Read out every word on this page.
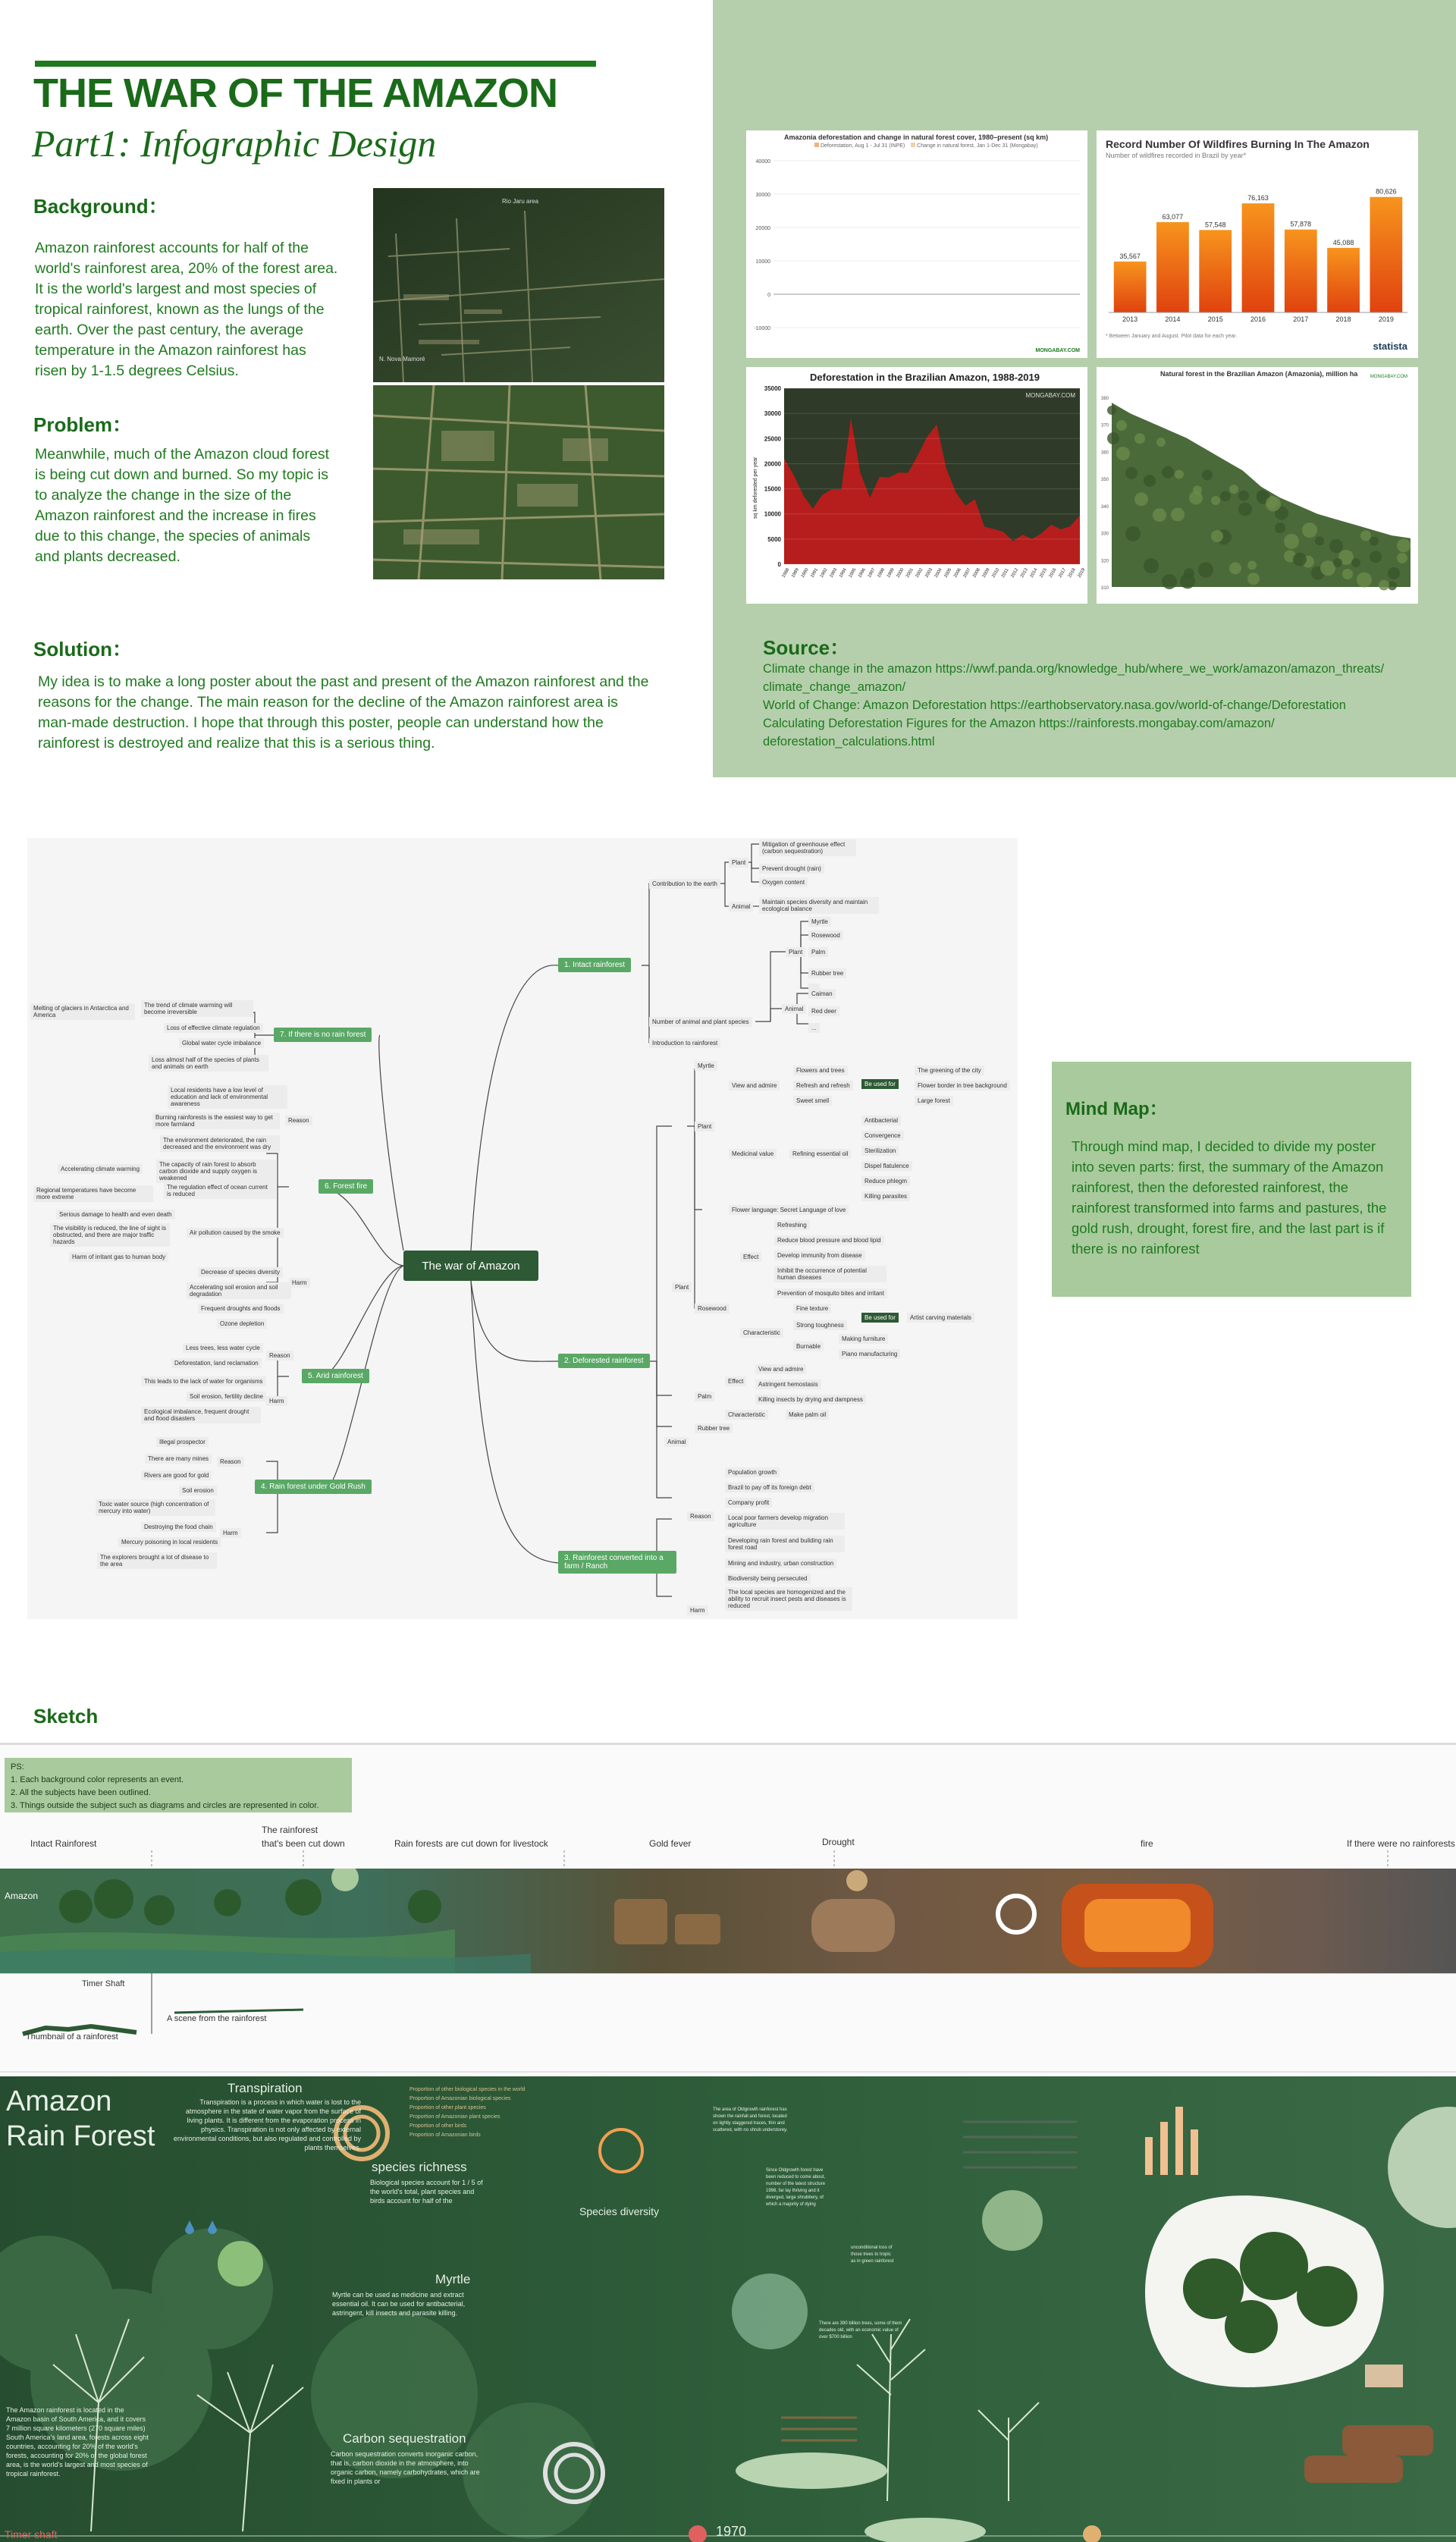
THE WAR OF THE AMAZON
Part1: Infographic Design
Background：
Amazon rainforest accounts for half of the world's rainforest area, 20% of the forest area. It is the world's largest and most species of tropical rainforest, known as the lungs of the earth. Over the past century, the average temperature in the Amazon rainforest has risen by 1-1.5 degrees Celsius.
Problem：
Meanwhile, much of the Amazon cloud forest is being cut down and burned. So my topic is to analyze the change in the size of the Amazon rainforest and the increase in fires due to this change, the species of animals and plants decreased.
Solution：
My idea is to make a long poster about the past and present of the Amazon rainforest and the reasons for the change. The main reason for the decline of the Amazon rainforest area is man-made destruction. I hope that through this poster, people can understand how the rainforest is destroyed and realize that this is a serious thing.
Source：
Climate change in the amazon https://wwf.panda.org/knowledge_hub/where_we_work/amazon/amazon_threats/
climate_change_amazon/
World of Change: Amazon Deforestation https://earthobservatory.nasa.gov/world-of-change/Deforestation
Calculating Deforestation Figures for the Amazon https://rainforests.mongabay.com/amazon/
deforestation_calculations.html
Rio Jaru area
N. Nova Mamoré
Amazonia deforestation and change in natural forest cover, 1980–present (sq km)
Deforestation, Aug 1 - Jul 31 (INPE) Change in natural forest, Jan 1-Dec 31 (Mongabay)
40000
30000
20000
10000
0
-10000
MONGABAY.COM
Record Number Of Wildfires Burning In The Amazon
Number of wildfires recorded in Brazil by year*
35,567
2013
63,077
2014
57,548
2015
76,163
2016
57,878
2017
45,088
2018
80,626
2019
* Between January and August. Pilot data for each year.
statista
Deforestation in the Brazilian Amazon, 1988-2019
35000
30000
25000
20000
15000
10000
5000
0
1988 1989 1990 1991 1992 1993 1994 1995 1996 1997 1998 1999 2000 2001 2002 2003 2004 2005 2006 2007 2008 2009 2010 2011 2012 2013 2014 2015 2016 2017 2018 2019
sq km deforested per year
MONGABAY.COM
Natural forest in the Brazilian Amazon (Amazonia), million ha
380
370
360
350
340
330
320
310
MONGABAY.COM
The war of Amazon
1. Intact rainforest
2. Deforested rainforest
3. Rainforest converted into a farm / Ranch
4. Rain forest under Gold Rush
5. Arid rainforest
6. Forest fire
7. If there is no rain forest
Contribution to the earth
Plant
Animal
Mitigation of greenhouse effect (carbon sequestration)
Prevent drought (rain)
Oxygen content
Maintain species diversity and maintain ecological balance
Number of animal and plant species
Plant
Animal
Myrtle
Rosewood
Palm
Rubber tree
Caiman
Red deer
...
Introduction to rainforest
Plant
Myrtle
View and admire
Flowers and trees
Refresh and refresh
Sweet smell
Be used for
The greening of the city
Flower border in tree background
Large forest
Medicinal value	Refining essential oil
Antibacterial
Convergence
Sterilization
Dispel flatulence
Reduce phlegm
Killing parasites
Flower language: Secret Language of love
Plant
Rosewood
Effect
Refreshing
Reduce blood pressure and blood lipid
Develop immunity from disease
Inhibit the occurrence of potential human diseases
Prevention of mosquito bites and irritant
Characteristic
Fine texture
Strong toughness
Burnable
Be used for	Artist carving materials
Making furniture
Piano manufacturing
Palm
Effect
View and admire
Astringent hemostasis
Killing insects by drying and dampness
Characteristic	Make palm oil
Rubber tree
Animal
Reason
Population growth
Brazil to pay off its foreign debt
Company profit
Local poor farmers develop migration agriculture
Developing rain forest and building rain forest road
Mining and industry, urban construction
Harm
Biodiversity being persecuted
The local species are homogenized and the ability to recruit insect pests and diseases is reduced
Reason
Illegal prospector
There are many mines
Rivers are good for gold
Harm
Soil erosion
Toxic water source (high concentration of mercury into water)
Destroying the food chain
Mercury poisoning in local residents
The explorers brought a lot of disease to the area
Reason
Less trees, less water cycle
Deforestation, land reclamation
Harm
This leads to the lack of water for organisms
Soil erosion, fertility decline
Ecological imbalance, frequent drought and flood disasters
Reason
Local residents have a low level of education and lack of environmental awareness
Burning rainforests is the easiest way to get more farmland
The environment deteriorated, the rain decreased and the environment was dry
The capacity of rain forest to absorb carbon dioxide and supply oxygen is weakened
Accelerating climate warming
The regulation effect of ocean current is reduced
Regional temperatures have become more extreme
Air pollution caused by the smoke
Serious damage to health and even death
The visibility is reduced, the line of sight is obstructed, and there are major traffic hazards
Harm of irritant gas to human body
Harm
Decrease of species diversity
Accelerating soil erosion and soil degradation
Frequent droughts and floods
Ozone depletion
The trend of climate warming will become irreversible
Loss of effective climate regulation
Global water cycle imbalance
Loss almost half of the species of plants and animals on earth
Melting of glaciers in Antarctica and America
Mind Map：
Through mind map, I decided to divide my poster into seven parts: first, the summary of the Amazon rainforest, then the deforested rainforest, the rainforest transformed into farms and pastures, the gold rush, drought, forest fire, and the last part is if there is no rainforest
Sketch
PS:
1. Each background color represents an event.
2. All the subjects have been outlined.
3. Things outside the subject such as diagrams and circles are represented in color.
Intact Rainforest
The rainforest
that's been cut down	Rain forests are cut down for livestock	Gold fever	Drought	fire	If there were no rainforests
Amazon
Timer Shaft
Thumbnail of a rainforest
A scene from the rainforest
Amazon
Rain Forest
Transpiration
Transpiration is a process in which water is lost to the atmosphere in the state of water vapor from the surface of living plants. It is different from the evaporation process in physics. Transpiration is not only affected by external environmental conditions, but also regulated and controlled by plants themselves.
species richness
Biological species account for 1 / 5 of the world's total, plant species and birds account for half of the
Species diversity
Myrtle
Myrtle can be used as medicine and extract essential oil. It can be used for antibacterial, astringent, kill insects and parasite killing.
Carbon sequestration
Carbon sequestration converts inorganic carbon, that is, carbon dioxide in the atmosphere, into organic carbon, namely carbohydrates, which are fixed in plants or
The Amazon rainforest is located in the Amazon basin of South America, and it covers 7 million square kilometers (270 square miles) South America's land area, forests across eight countries, accounting for 20% of the world's forests, accounting for 20% of the global forest area, is the world's largest and most species of tropical rainforest.
Proportion of other biological species in the world
Proportion of Amazonian biological species
Proportion of other plant species
Proportion of Amazonian plant species
Proportion of other birds
Proportion of Amazonian birds
1970
Timer shaft
The area of Oldgrowth rainforest has shown the rainfall and forest, located on lightly staggered traces, thin and scattered, with no shrub understorey.
Since Oldgrowth forest have been reduced to come about, number of the latest structure 1998, far lay thriving and it diverged, large shrubbery, of which a majority of dying
unconditional loss of those trees to tropic as in green rainforest
There are 390 billion trees, some of them decades old, with an economic value of over $700 billion
